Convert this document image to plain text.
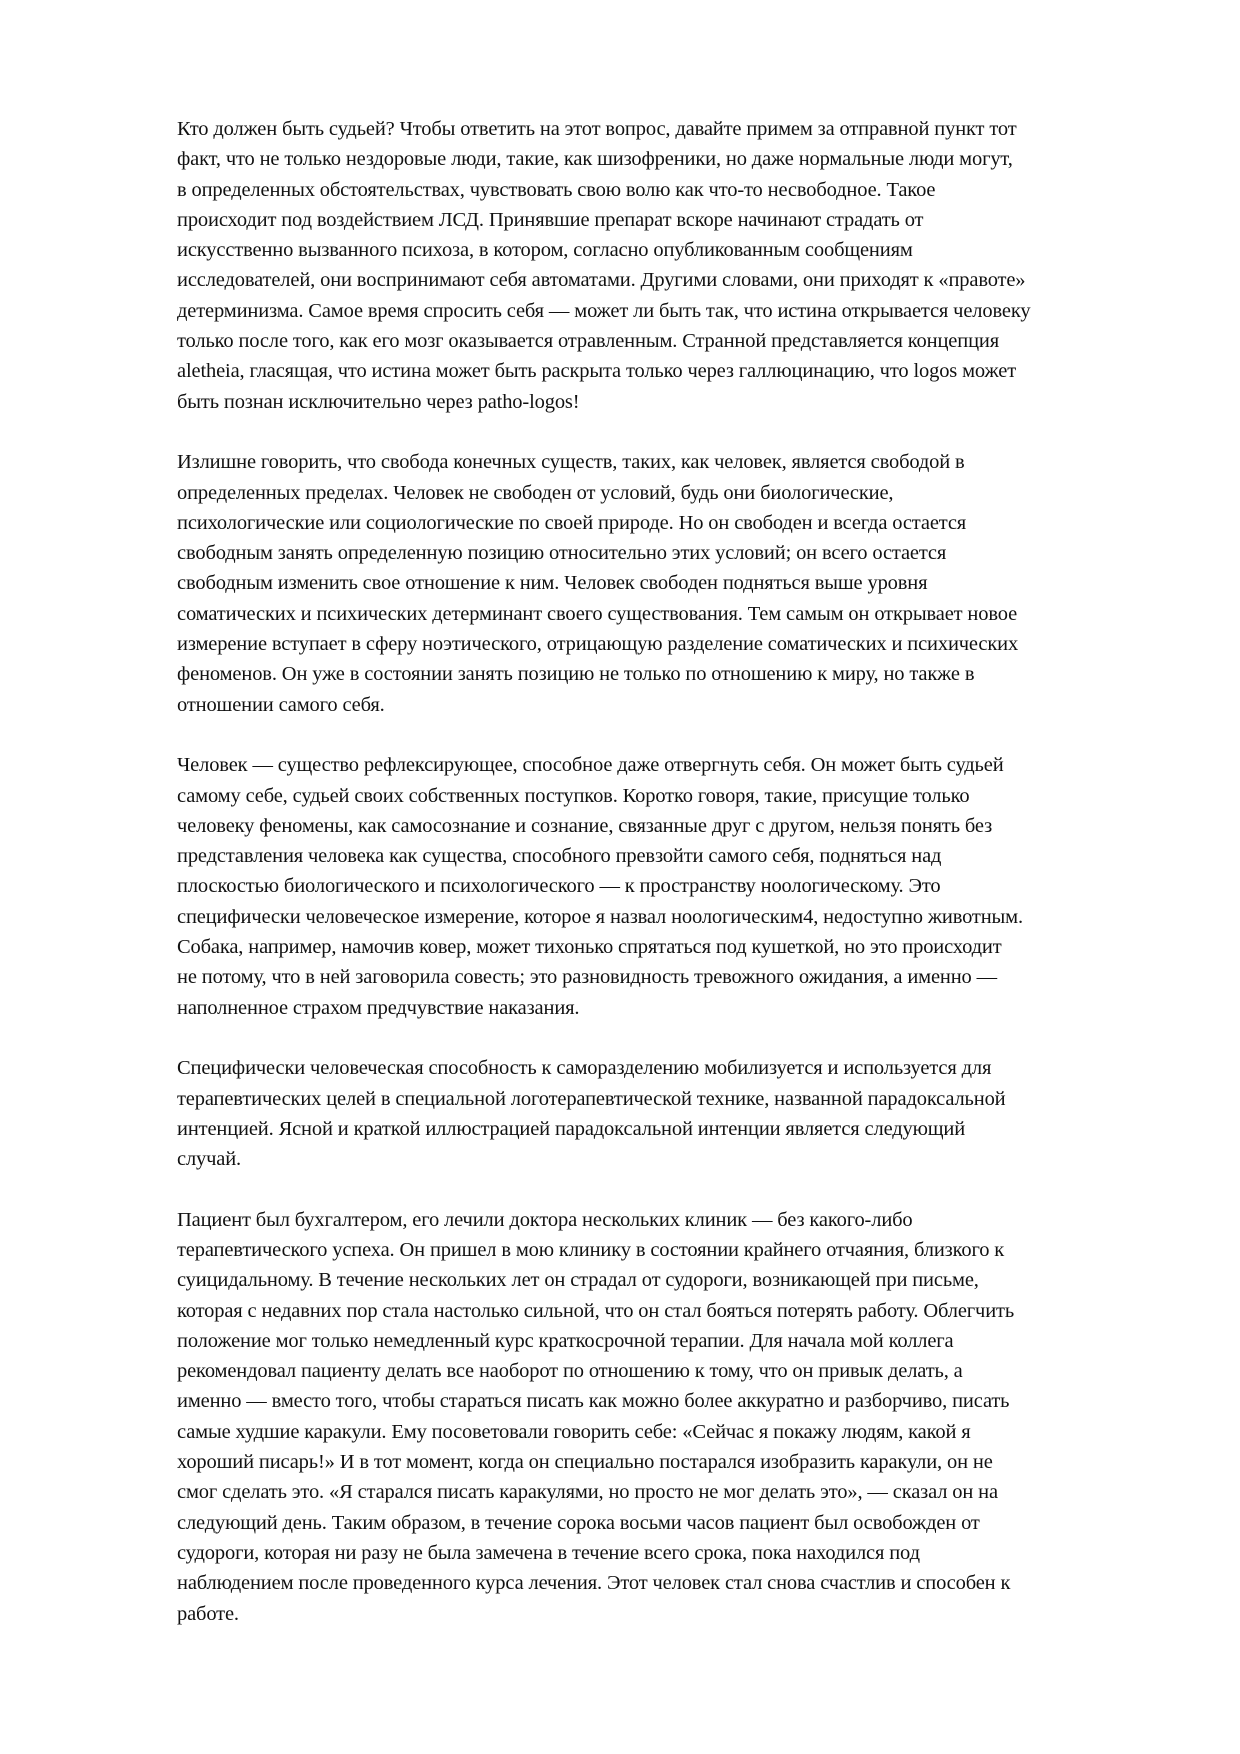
Кто должен быть судьей? Чтобы ответить на этот вопрос, давайте примем за отправной пункт тот
факт, что не только нездоровые люди, такие, как шизофреники, но даже нормальные люди могут,
в определенных обстоятельствах, чувствовать свою волю как что-то несвободное. Такое
происходит под воздействием ЛСД. Принявшие препарат вскоре начинают страдать от
искусственно вызванного психоза, в котором, согласно опубликованным сообщениям
исследователей, они воспринимают себя автоматами. Другими словами, они приходят к «правоте»
детерминизма. Самое время спросить себя — может ли быть так, что истина открывается человеку
только после того, как его мозг оказывается отравленным. Странной представляется концепция
aletheia, гласящая, что истина может быть раскрыта только через галлюцинацию, что logos может
быть познан исключительно через patho-logos!

Излишне говорить, что свобода конечных существ, таких, как человек, является свободой в
определенных пределах. Человек не свободен от условий, будь они биологические,
психологические или социологические по своей природе. Но он свободен и всегда остается
свободным занять определенную позицию относительно этих условий; он всего остается
свободным изменить свое отношение к ним. Человек свободен подняться выше уровня
соматических и психических детерминант своего существования. Тем самым он открывает новое
измерение вступает в сферу ноэтического, отрицающую разделение соматических и психических
феноменов. Он уже в состоянии занять позицию не только по отношению к миру, но также в
отношении самого себя.

Человек — существо рефлексирующее, способное даже отвергнуть себя. Он может быть судьей
самому себе, судьей своих собственных поступков. Коротко говоря, такие, присущие только
человеку феномены, как самосознание и сознание, связанные друг с другом, нельзя понять без
представления человека как существа, способного превзойти самого себя, подняться над
плоскостью биологического и психологического — к пространству ноологическому. Это
специфически человеческое измерение, которое я назвал ноологическим4, недоступно животным.
Собака, например, намочив ковер, может тихонько спрятаться под кушеткой, но это происходит
не потому, что в ней заговорила совесть; это разновидность тревожного ожидания, а именно —
наполненное страхом предчувствие наказания.

Специфически человеческая способность к саморазделению мобилизуется и используется для
терапевтических целей в специальной логотерапевтической технике, названной парадоксальной
интенцией. Ясной и краткой иллюстрацией парадоксальной интенции является следующий
случай.

Пациент был бухгалтером, его лечили доктора нескольких клиник — без какого-либо
терапевтического успеха. Он пришел в мою клинику в состоянии крайнего отчаяния, близкого к
суицидальному. В течение нескольких лет он страдал от судороги, возникающей при письме,
которая с недавних пор стала настолько сильной, что он стал бояться потерять работу. Облегчить
положение мог только немедленный курс краткосрочной терапии. Для начала мой коллега
рекомендовал пациенту делать все наоборот по отношению к тому, что он привык делать, а
именно — вместо того, чтобы стараться писать как можно более аккуратно и разборчиво, писать
самые худшие каракули. Ему посоветовали говорить себе: «Сейчас я покажу людям, какой я
хороший писарь!» И в тот момент, когда он специально постарался изобразить каракули, он не
смог сделать это. «Я старался писать каракулями, но просто не мог делать это», — сказал он на
следующий день. Таким образом, в течение сорока восьми часов пациент был освобожден от
судороги, которая ни разу не была замечена в течение всего срока, пока находился под
наблюдением после проведенного курса лечения. Этот человек стал снова счастлив и способен к
работе.
